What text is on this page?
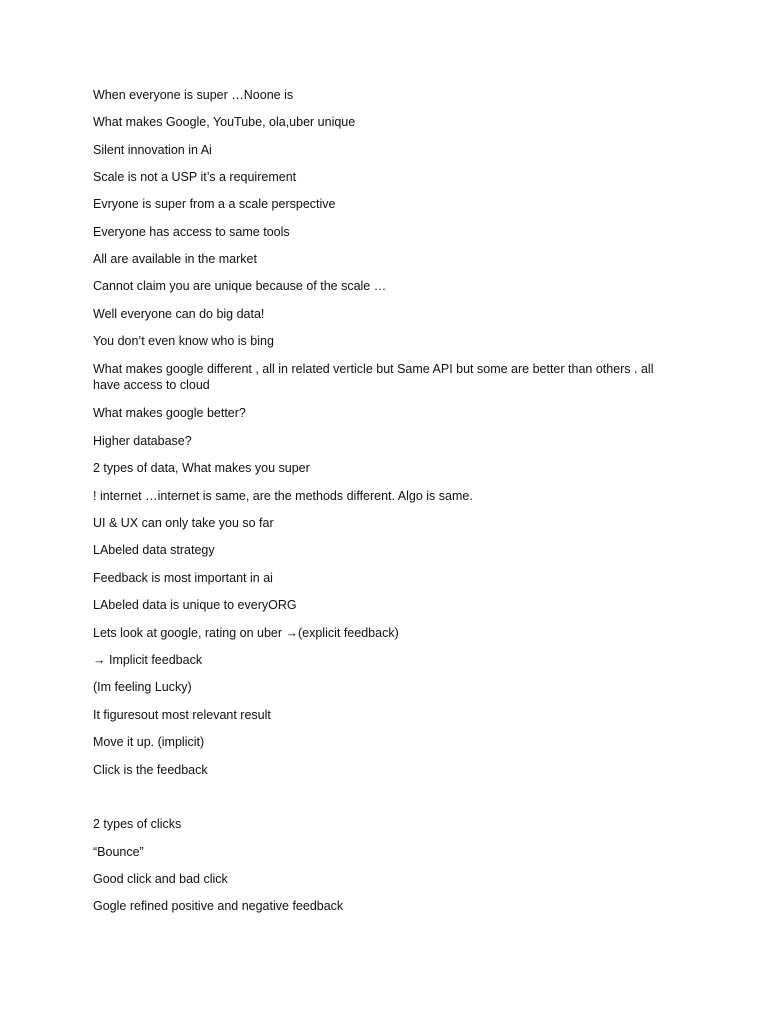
When everyone is super …Noone is
What makes Google, YouTube, ola,uber unique
Silent innovation in Ai
Scale is not a USP it’s a requirement
Evryone is super from a a scale perspective
Everyone has access to same tools
All are available in the market
Cannot claim you are unique because of the scale …
Well everyone can do big data!
You don’t even know who is bing
What makes google different , all in related verticle but Same API but some are better than others . all have access to cloud
What makes google better?
Higher database?
2 types of data, What makes you super
! internet …internet is same, are the methods different. Algo is same.
UI & UX can only take you so far
LAbeled data strategy
Feedback is most important in ai
LAbeled data is unique to everyORG
Lets look at google, rating on uber →(explicit feedback)
→ Implicit feedback
(Im feeling Lucky)
It figuresout most relevant result
Move it up. (implicit)
Click is the feedback
2 types of clicks
“Bounce”
Good click and bad click
Gogle refined positive and negative feedback
